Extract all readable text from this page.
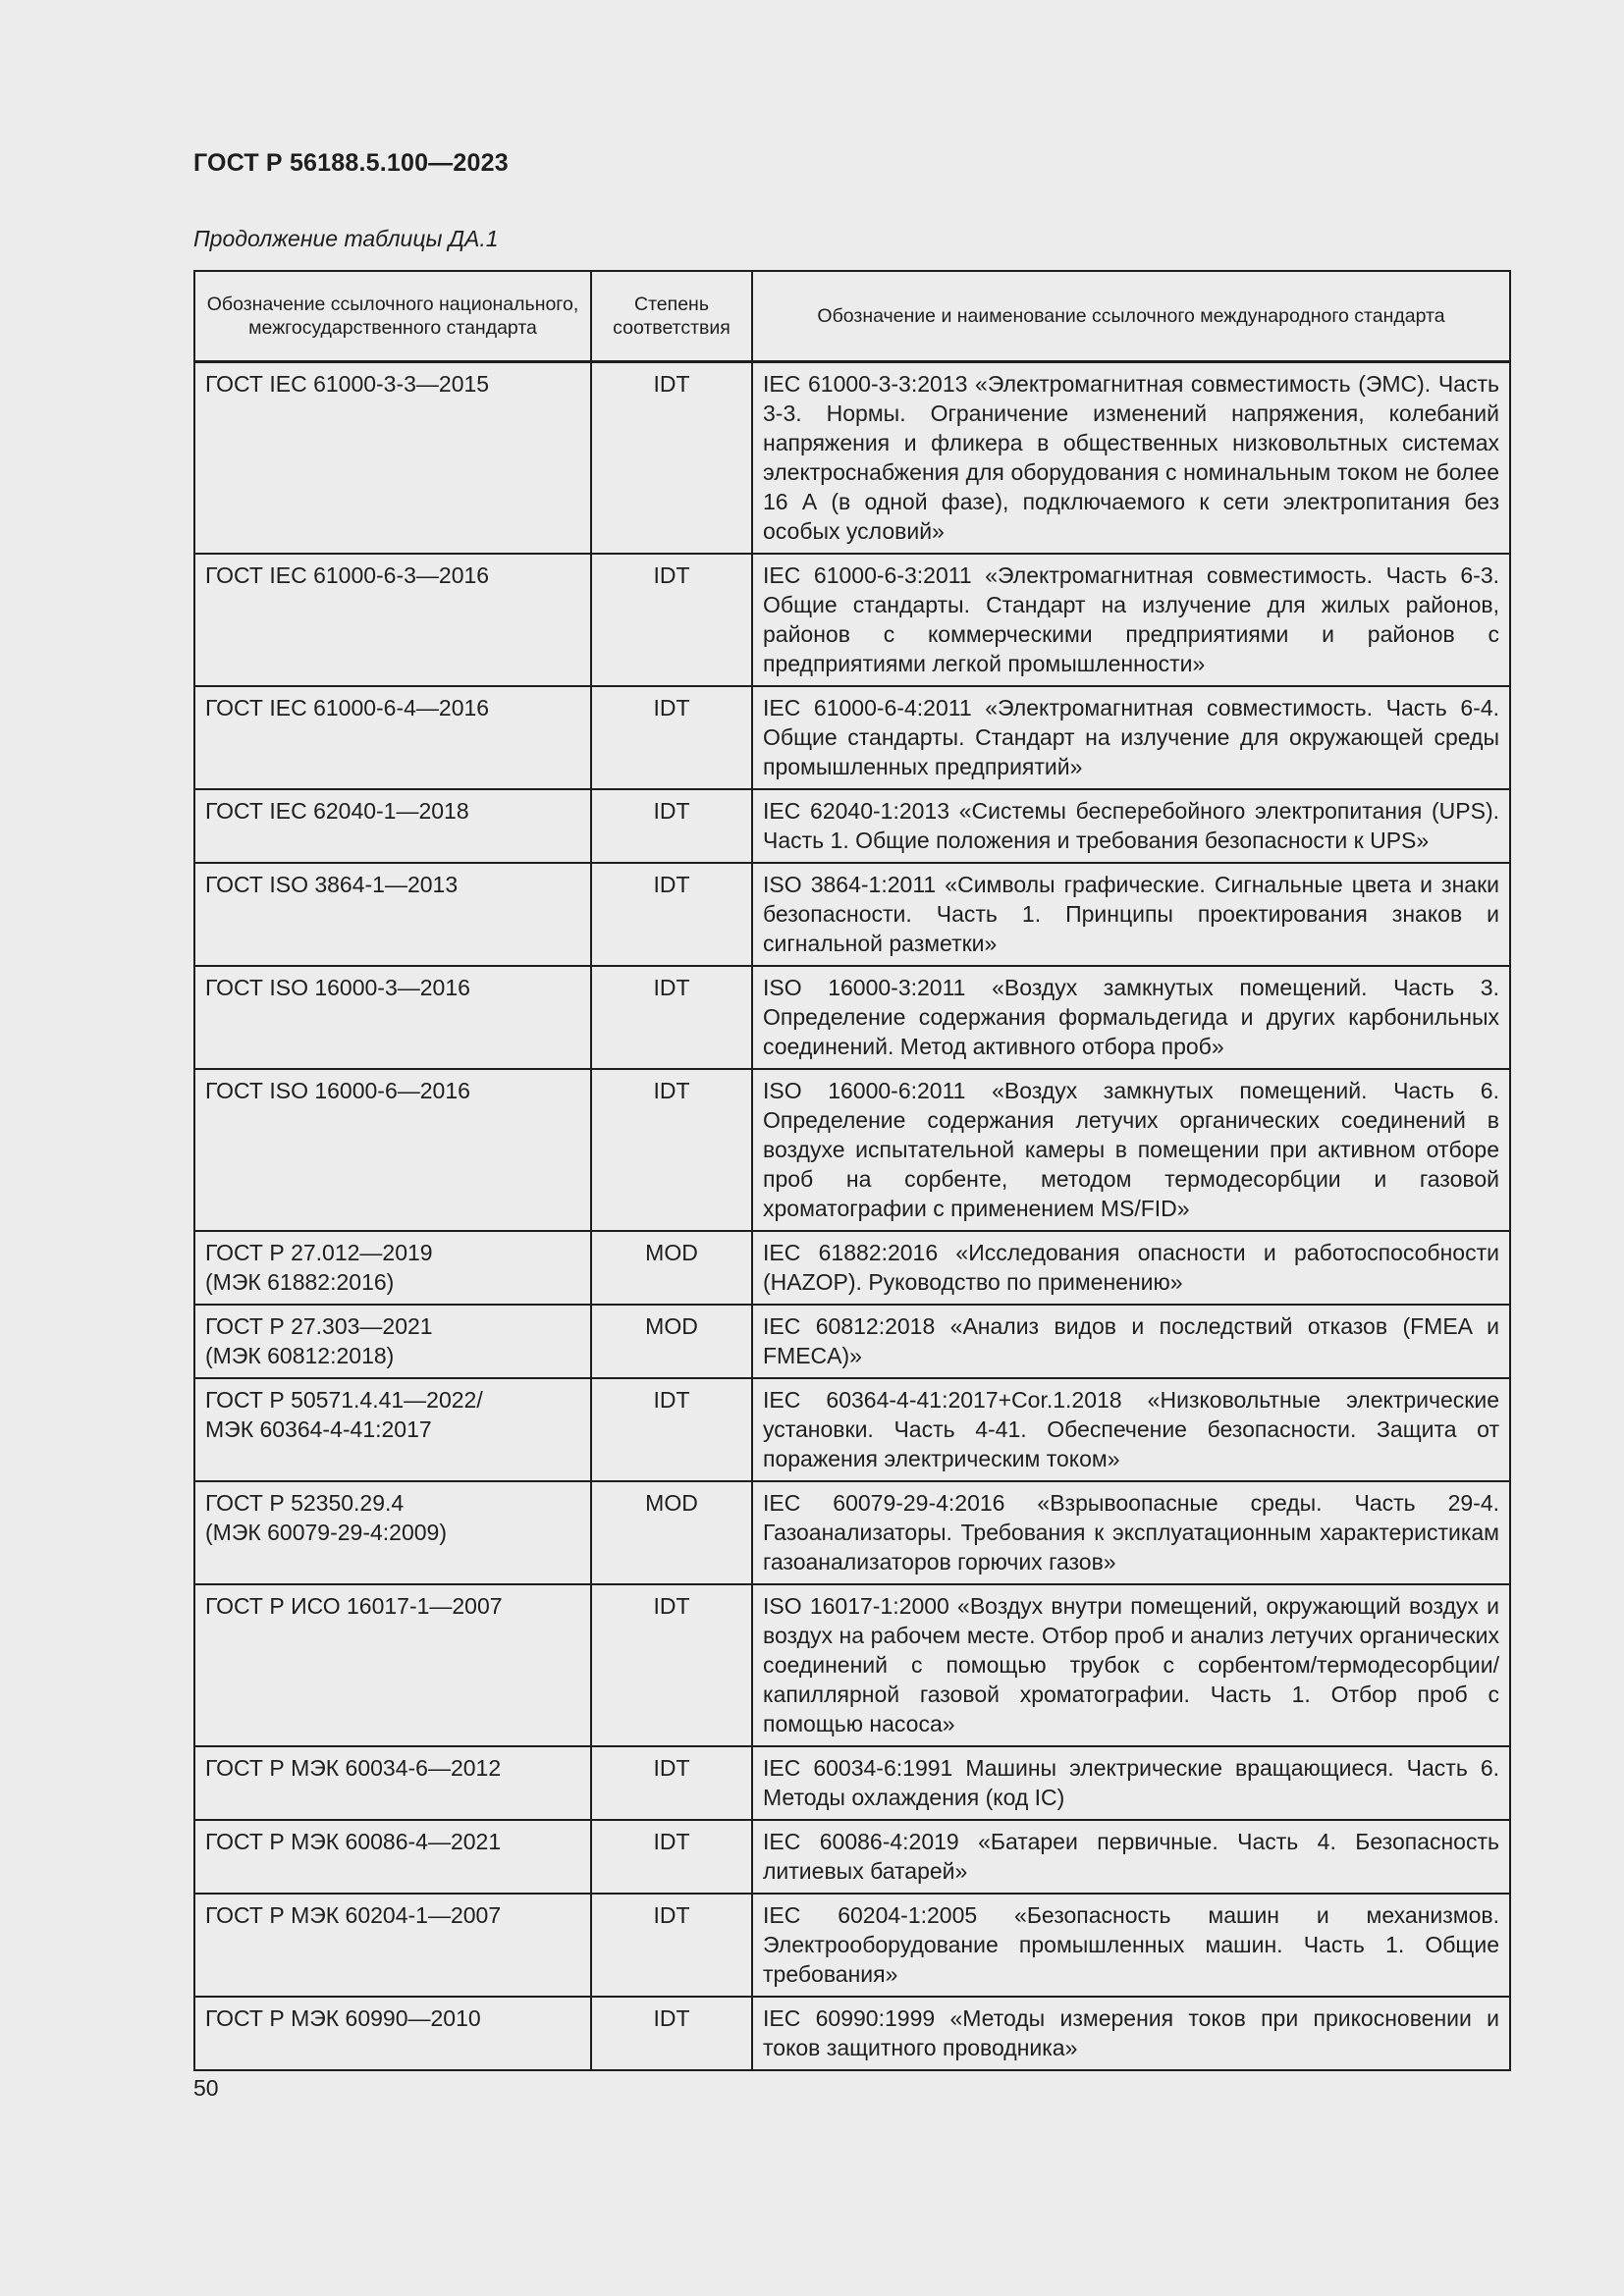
ГОСТ Р 56188.5.100—2023
Продолжение таблицы ДА.1
Обозначение ссылочного национального, межгосударственного стандарта	Степень соответствия	Обозначение и наименование ссылочного международного стандарта
ГОСТ IEC 61000-3-3—2015	IDT	IEC 61000-3-3:2013 «Электромагнитная совместимость (ЭМС). Часть 3-3. Нормы. Ограничение изменений напряжения, колебаний напряжения и фликера в общественных низковольтных системах электроснабжения для оборудования с номинальным током не более 16 А (в одной фазе), подключаемого к сети электропитания без особых условий»
ГОСТ IEC 61000-6-3—2016	IDT	IEC 61000-6-3:2011 «Электромагнитная совместимость. Часть 6-3. Общие стандарты. Стандарт на излучение для жилых районов, районов с коммерческими предприятиями и районов с предприятиями легкой промышленности»
ГОСТ IEC 61000-6-4—2016	IDT	IEC 61000-6-4:2011 «Электромагнитная совместимость. Часть 6-4. Общие стандарты. Стандарт на излучение для окружающей среды промышленных предприятий»
ГОСТ IEC 62040-1—2018	IDT	IEC 62040-1:2013 «Системы бесперебойного электропитания (UPS). Часть 1. Общие положения и требования безопасности к UPS»
ГОСТ ISO 3864-1—2013	IDT	ISO 3864-1:2011 «Символы графические. Сигнальные цвета и знаки безопасности. Часть 1. Принципы проектирования знаков и сигнальной разметки»
ГОСТ ISO 16000-3—2016	IDT	ISO 16000-3:2011 «Воздух замкнутых помещений. Часть 3. Определение содержания формальдегида и других карбонильных соединений. Метод активного отбора проб»
ГОСТ ISO 16000-6—2016	IDT	ISO 16000-6:2011 «Воздух замкнутых помещений. Часть 6. Определение содержания летучих органических соединений в воздухе испытательной камеры в помещении при активном отборе проб на сорбенте, методом термодесорбции и газовой хроматографии с применением MS/FID»
ГОСТ Р 27.012—2019
(МЭК 61882:2016)	MOD	IEC 61882:2016 «Исследования опасности и работоспособности (HAZOP). Руководство по применению»
ГОСТ Р 27.303—2021
(МЭК 60812:2018)	MOD	IEC 60812:2018 «Анализ видов и последствий отказов (FMEA и FMECA)»
ГОСТ Р 50571.4.41—2022/
МЭК 60364-4-41:2017	IDT	IEC 60364-4-41:2017+Cor.1.2018 «Низковольтные электрические установки. Часть 4-41. Обеспечение безопасности. Защита от поражения электрическим током»
ГОСТ Р 52350.29.4
(МЭК 60079-29-4:2009)	MOD	IEC 60079-29-4:2016 «Взрывоопасные среды. Часть 29-4. Газоанализаторы. Требования к эксплуатационным характеристикам газоанализаторов горючих газов»
ГОСТ Р ИСО 16017-1—2007	IDT	ISO 16017-1:2000 «Воздух внутри помещений, окружающий воздух и воздух на рабочем месте. Отбор проб и анализ летучих органических соединений с помощью трубок с сорбентом/термодесорбции/капиллярной газовой хроматографии. Часть 1. Отбор проб с помощью насоса»
ГОСТ Р МЭК 60034-6—2012	IDT	IEC 60034-6:1991 Машины электрические вращающиеся. Часть 6. Методы охлаждения (код IC)
ГОСТ Р МЭК 60086-4—2021	IDT	IEC 60086-4:2019 «Батареи первичные. Часть 4. Безопасность литиевых батарей»
ГОСТ Р МЭК 60204-1—2007	IDT	IEC 60204-1:2005 «Безопасность машин и механизмов. Электрооборудование промышленных машин. Часть 1. Общие требования»
ГОСТ Р МЭК 60990—2010	IDT	IEC 60990:1999 «Методы измерения токов при прикосновении и токов защитного проводника»
50
